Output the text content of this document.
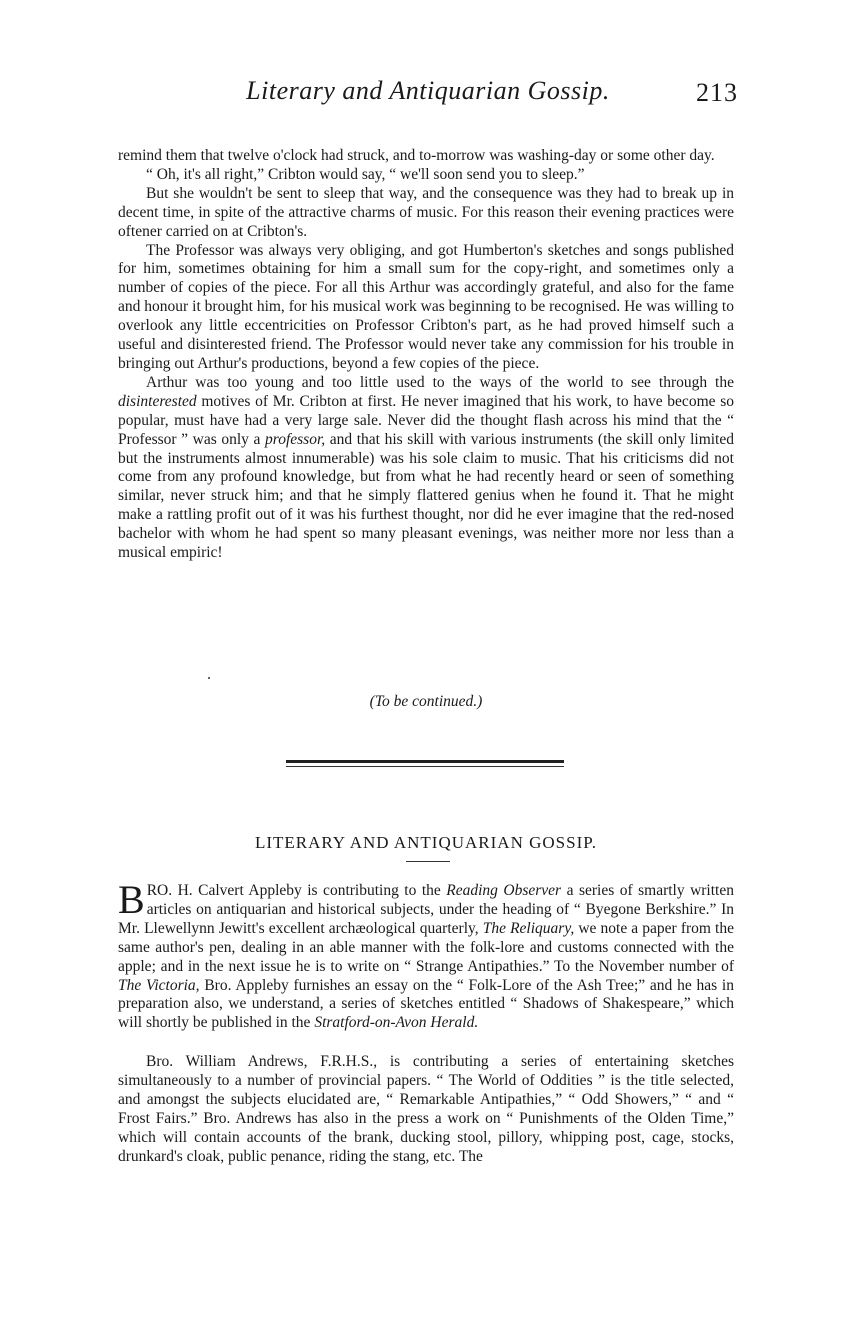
Literary and Antiquarian Gossip.	213

remind them that twelve o'clock had struck, and to-morrow was washing-day or some other day.

“ Oh, it's all right,” Cribton would say, “ we'll soon send you to sleep.”

But she wouldn't be sent to sleep that way, and the consequence was they had to break up in decent time, in spite of the attractive charms of music. For this reason their evening practices were oftener carried on at Cribton's.

The Professor was always very obliging, and got Humberton's sketches and songs published for him, sometimes obtaining for him a small sum for the copy-right, and sometimes only a number of copies of the piece. For all this Arthur was accordingly grateful, and also for the fame and honour it brought him, for his musical work was beginning to be recognised. He was willing to overlook any little eccentricities on Professor Cribton's part, as he had proved himself such a useful and disinterested friend. The Professor would never take any commission for his trouble in bringing out Arthur's productions, beyond a few copies of the piece.

Arthur was too young and too little used to the ways of the world to see through the disinterested motives of Mr. Cribton at first. He never imagined that his work, to have become so popular, must have had a very large sale. Never did the thought flash across his mind that the “ Professor ” was only a professor, and that his skill with various instruments (the skill only limited but the instruments almost innumerable) was his sole claim to music. That his criticisms did not come from any profound knowledge, but from what he had recently heard or seen of something similar, never struck him; and that he simply flattered genius when he found it. That he might make a rattling profit out of it was his furthest thought, nor did he ever imagine that the red-nosed bachelor with whom he had spent so many pleasant evenings, was neither more nor less than a musical empiric!

(To be continued.)
LITERARY AND ANTIQUARIAN GOSSIP.

BRO. H. Calvert Appleby is contributing to the Reading Observer a series of smartly written articles on antiquarian and historical subjects, under the heading of “ Byegone Berkshire.” In Mr. Llewellynn Jewitt's excellent archæological quarterly, The Reliquary, we note a paper from the same author's pen, dealing in an able manner with the folk-lore and customs connected with the apple; and in the next issue he is to write on “ Strange Antipathies.” To the November number of The Victoria, Bro. Appleby furnishes an essay on the “ Folk-Lore of the Ash Tree;” and he has in preparation also, we understand, a series of sketches entitled “ Shadows of Shakespeare,” which will shortly be published in the Stratford-on-Avon Herald.

Bro. William Andrews, F.R.H.S., is contributing a series of entertaining sketches simultaneously to a number of provincial papers. “ The World of Oddities ” is the title selected, and amongst the subjects elucidated are, “ Remarkable Antipathies,” “ Odd Showers,” “ and “ Frost Fairs.” Bro. Andrews has also in the press a work on “ Punishments of the Olden Time,” which will contain accounts of the brank, ducking stool, pillory, whipping post, cage, stocks, drunkard's cloak, public penance, riding the stang, etc. The
